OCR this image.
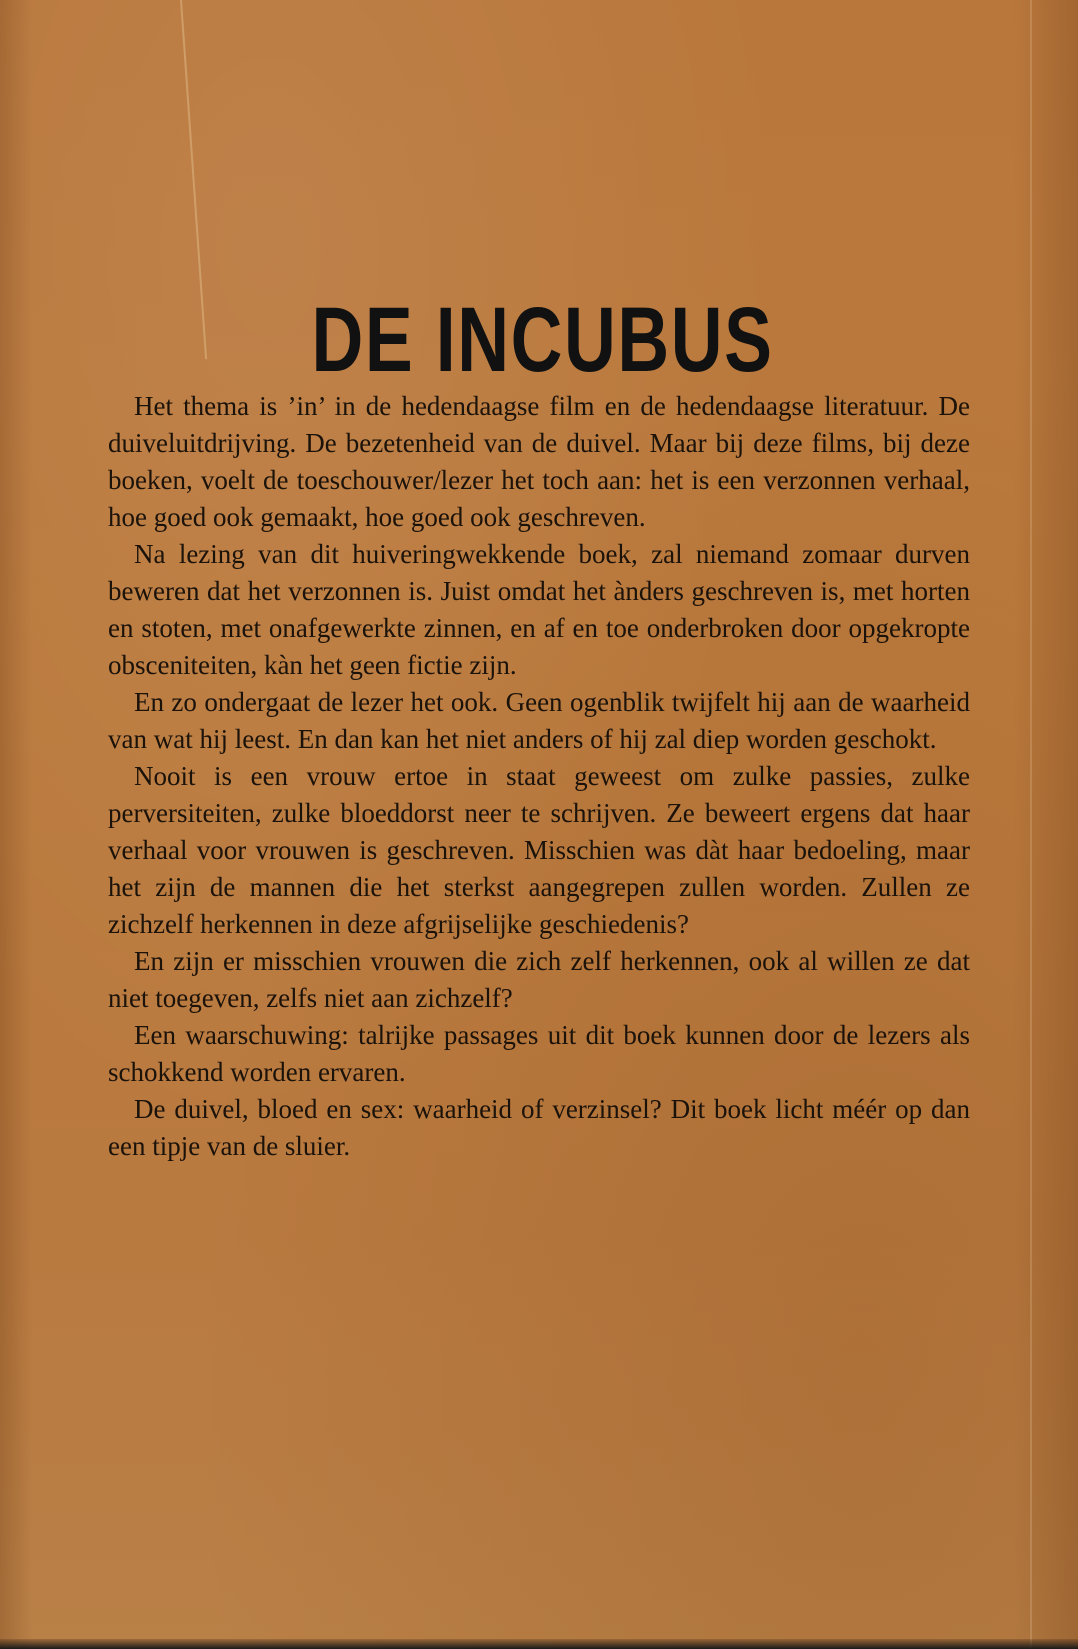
DE INCUBUS

Het thema is ’in’ in de hedendaagse film en de hedendaagse literatuur. De duiveluitdrijving. De bezetenheid van de duivel. Maar bij deze films, bij deze boeken, voelt de toeschouwer/lezer het toch aan: het is een verzonnen verhaal, hoe goed ook gemaakt, hoe goed ook geschreven.

Na lezing van dit huiveringwekkende boek, zal niemand zomaar durven beweren dat het verzonnen is. Juist omdat het ànders geschreven is, met horten en stoten, met onafgewerkte zinnen, en af en toe onderbroken door opgekropte obsceniteiten, kàn het geen fictie zijn.

En zo ondergaat de lezer het ook. Geen ogenblik twijfelt hij aan de waarheid van wat hij leest. En dan kan het niet anders of hij zal diep worden geschokt.

Nooit is een vrouw ertoe in staat geweest om zulke passies, zulke perversiteiten, zulke bloeddorst neer te schrijven. Ze beweert ergens dat haar verhaal voor vrouwen is geschreven. Misschien was dàt haar bedoeling, maar het zijn de mannen die het sterkst aangegrepen zullen worden. Zullen ze zichzelf herkennen in deze afgrijselijke geschiedenis?

En zijn er misschien vrouwen die zich zelf herkennen, ook al willen ze dat niet toegeven, zelfs niet aan zichzelf?

Een waarschuwing: talrijke passages uit dit boek kunnen door de lezers als schokkend worden ervaren.

De duivel, bloed en sex: waarheid of verzinsel? Dit boek licht méér op dan een tipje van de sluier.
